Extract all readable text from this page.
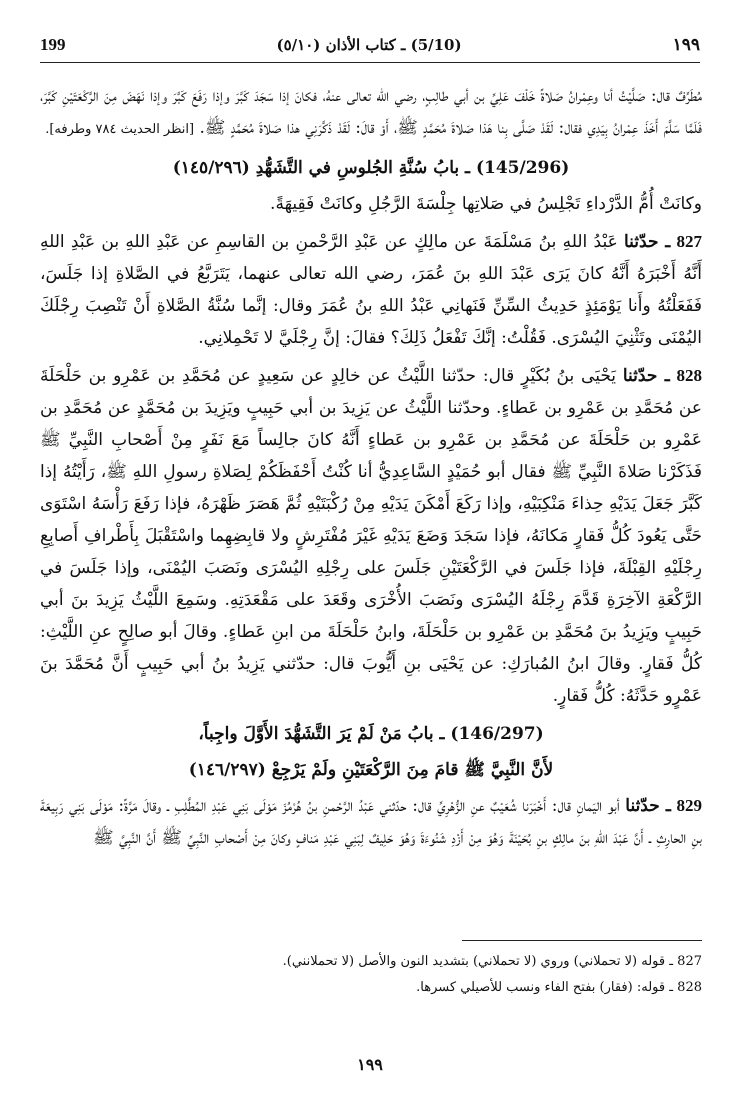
199	(5/10) ـ كتاب الأذان (٥/١٠)	١٩٩

مُطَرِّفٌ قال: صَلَّيْتُ أنا وعِمْرانُ صَلاةً خَلْفَ عَلِيِّ بن أبي طالِبٍ، رضي الله تعالى عنهُ، فكانَ إذا سَجَدَ كَبَّرَ وإذا رَفَعَ كَبَّرَ وإذا نَهَضَ مِنَ الرَّكْعَتَيْنِ كَبَّرَ، فَلَمَّا سَلَّمَ أَخَذَ عِمْرانُ بِيَدِي فقال: لَقَدْ صَلَّى بِنا هَذا صَلاةَ مُحَمَّدٍ ﷺ، أَوْ قالَ: لَقَدْ ذَكَّرَنِي هذا صَلاةَ مُحَمَّدٍ ﷺ. [انظر الحديث ٧٨٤ وطرفه].

(145/296) ـ بابُ سُنَّةِ الجُلوسِ في التَّشَهُّدِ (١٤٥/٢٩٦)

وكانَتْ أُمُّ الدَّرْداءِ تَجْلِسُ في صَلاتِها جِلْسَةَ الرَّجُلِ وكانَتْ فَقِيهَةً.

827 ـ حدّثنا عَبْدُ اللهِ بنُ مَسْلَمَةَ عن مالِكٍ عن عَبْدِ الرَّحْمنِ بن القاسِمِ عن عَبْدِ اللهِ بن عَبْدِ اللهِ أَنَّهُ أَخْبَرَهُ أَنَّهُ كانَ يَرَى عَبْدَ اللهِ بنَ عُمَرَ، رضي الله تعالى عنهما، يَتَرَبَّعُ في الصَّلاةِ إذا جَلَسَ، فَفَعَلْتُهُ وأَنا يَوْمَئِذٍ حَدِيثُ السِّنِّ فَنَهانِي عَبْدُ اللهِ بنُ عُمَرَ وقال: إنَّما سُنَّةُ الصَّلاةِ أَنْ تَنْصِبَ رِجْلَكَ اليُمْنَى وتَثْنِيَ اليُسْرَى. فَقُلْتُ: إنَّكَ تَفْعَلُ ذَلِكَ؟ فقالَ: إنَّ رِجْلَيَّ لا تَحْمِلانِي.

828 ـ حدّثنا يَحْيَى بنُ بُكَيْرٍ قال: حدّثنا اللَّيْثُ عن خالِدٍ عن سَعِيدٍ عن مُحَمَّدِ بن عَمْرِو بن حَلْحَلَةَ عن مُحَمَّدِ بن عَمْرِو بن عَطاءٍ. وحدّثنا اللَّيْثُ عن يَزِيدَ بن أبي حَبِيبٍ ويَزِيدَ بن مُحَمَّدٍ عن مُحَمَّدِ بن عَمْرِو بن حَلْحَلَةَ عن مُحَمَّدِ بن عَمْرِو بن عَطاءٍ أَنَّهُ كانَ جالِساً مَعَ نَفَرٍ مِنْ أَصْحابِ النَّبِيِّ ﷺ فَذَكَرْنا صَلاةَ النَّبِيِّ ﷺ فقال أبو حُمَيْدٍ السَّاعِدِيُّ أنا كُنْتُ أَحْفَظَكُمْ لِصَلاةِ رسولِ اللهِ ﷺ، رَأَيْتُهُ إذا كَبَّرَ جَعَلَ يَدَيْهِ حِذاءَ مَنْكِبَيْهِ، وإذا رَكَعَ أَمْكَنَ يَدَيْهِ مِنْ رُكْبَتَيْهِ ثُمَّ هَصَرَ ظَهْرَهُ، فإذا رَفَعَ رَأْسَهُ اسْتَوَى حَتَّى يَعُودَ كُلُّ فَقارٍ مَكانَهُ، فإذا سَجَدَ وَضَعَ يَدَيْهِ غَيْرَ مُفْتَرِشٍ ولا قابِضِهِما واسْتَقْبَلَ بِأَطْرافِ أَصابِعِ رِجْلَيْهِ القِبْلَةَ، فإذا جَلَسَ في الرَّكْعَتَيْنِ جَلَسَ على رِجْلِهِ اليُسْرَى ونَصَبَ اليُمْنَى، وإذا جَلَسَ في الرَّكْعَةِ الآخِرَةِ قَدَّمَ رِجْلَهُ اليُسْرَى ونَصَبَ الأُخْرَى وقَعَدَ على مَقْعَدَتِهِ. وسَمِعَ اللَّيْثُ يَزِيدَ بنَ أبي حَبِيبٍ ويَزِيدُ بنَ مُحَمَّدِ بن عَمْرِو بن حَلْحَلَةَ، وابنُ حَلْحَلَةَ من ابنِ عَطاءٍ. وقالَ أبو صالِحٍ عنِ اللَّيْثِ: كُلُّ فَقارٍ. وقالَ ابنُ المُبارَكِ: عن يَحْيَى بنِ أَيُّوبَ قال: حدّثني يَزِيدُ بنُ أبي حَبِيبٍ أَنَّ مُحَمَّدَ بنَ عَمْرٍو حَدَّثَهُ: كُلُّ فَقارٍ.

(146/297) ـ بابُ مَنْ لَمْ يَرَ التَّشَهُّدَ الأَوَّلَ واجِباً،

لأَنَّ النَّبِيَّ ﷺ قامَ مِنَ الرَّكْعَتَيْنِ ولَمْ يَرْجِعْ (١٤٦/٢٩٧)

829 ـ حدّثنا أبو اليَمانِ قال: أَخْبَرَنا شُعَيْبٌ عنِ الزُّهْرِيِّ قال: حدّثني عَبْدُ الرَّحْمنِ بنُ هُرْمُزَ مَوْلَى بَنِي عَبْدِ المُطَّلِبِ ـ وقالَ مَرَّةً: مَوْلَى بَنِي رَبِيعَةَ بنِ الحارِثِ ـ أَنَّ عَبْدَ اللهِ بنَ مالِكٍ بنِ بُحَيْنَةَ وَهُوَ مِنْ أَزْدِ شَنُوءَةَ وَهُوَ حَلِيفٌ لِبَنِي عَبْدِ مَنافٍ وكانَ مِنْ أَصْحابِ النَّبِيِّ ﷺ أَنَّ النَّبِيَّ ﷺ

827 ـ قوله (لا تحملاني) وروي (لا تحملاني) بتشديد النون والأصل (لا تحملانني).

828 ـ قوله: (فقار) بفتح الفاء ونسب للأصيلي كسرها.

١٩٩
